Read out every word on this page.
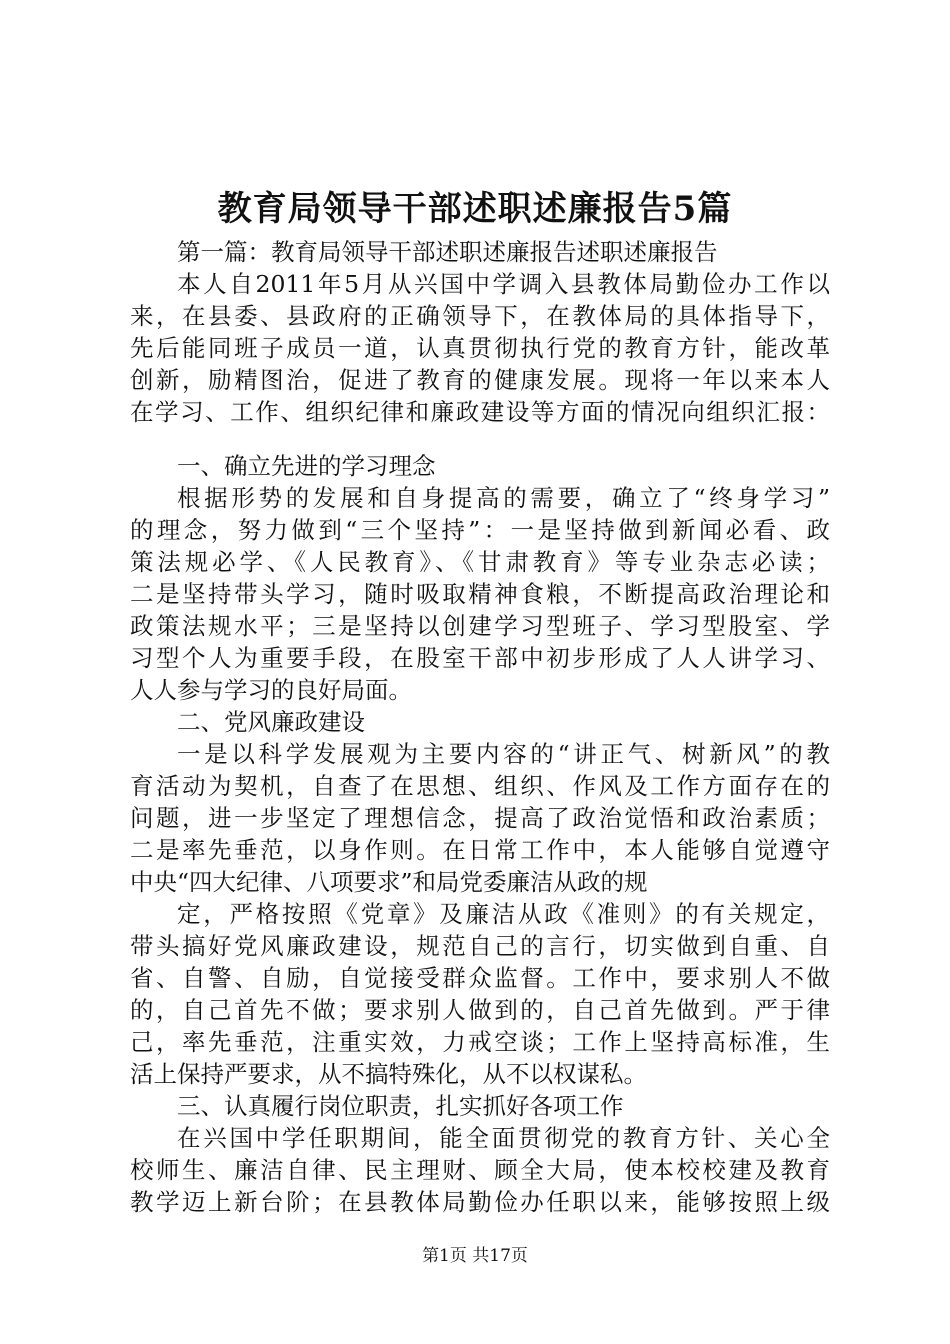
教育局领导干部述职述廉报告5篇
第一篇：教育局领导干部述职述廉报告述职述廉报告
本人自2011年5月从兴国中学调入县教体局勤俭办工作以
来，在县委、县政府的正确领导下，在教体局的具体指导下，
先后能同班子成员一道，认真贯彻执行党的教育方针，能改革
创新，励精图治，促进了教育的健康发展。现将一年以来本人
在学习、工作、组织纪律和廉政建设等方面的情况向组织汇报：
一、确立先进的学习理念
根据形势的发展和自身提高的需要，确立了“终身学习”
的理念，努力做到“三个坚持”：一是坚持做到新闻必看、政
策法规必学、《人民教育》、《甘肃教育》等专业杂志必读；
二是坚持带头学习，随时吸取精神食粮，不断提高政治理论和
政策法规水平；三是坚持以创建学习型班子、学习型股室、学
习型个人为重要手段，在股室干部中初步形成了人人讲学习、
人人参与学习的良好局面。
二、党风廉政建设
一是以科学发展观为主要内容的“讲正气、树新风”的教
育活动为契机，自查了在思想、组织、作风及工作方面存在的
问题，进一步坚定了理想信念，提高了政治觉悟和政治素质；
二是率先垂范，以身作则。在日常工作中，本人能够自觉遵守
中央“四大纪律、八项要求”和局党委廉洁从政的规
定，严格按照《党章》及廉洁从政《准则》的有关规定，
带头搞好党风廉政建设，规范自己的言行，切实做到自重、自
省、自警、自励，自觉接受群众监督。工作中，要求别人不做
的，自己首先不做；要求别人做到的，自己首先做到。严于律
己，率先垂范，注重实效，力戒空谈；工作上坚持高标准，生
活上保持严要求，从不搞特殊化，从不以权谋私。
三、认真履行岗位职责，扎实抓好各项工作
在兴国中学任职期间，能全面贯彻党的教育方针、关心全
校师生、廉洁自律、民主理财、顾全大局，使本校校建及教育
教学迈上新台阶；在县教体局勤俭办任职以来，能够按照上级
第1页 共17页
